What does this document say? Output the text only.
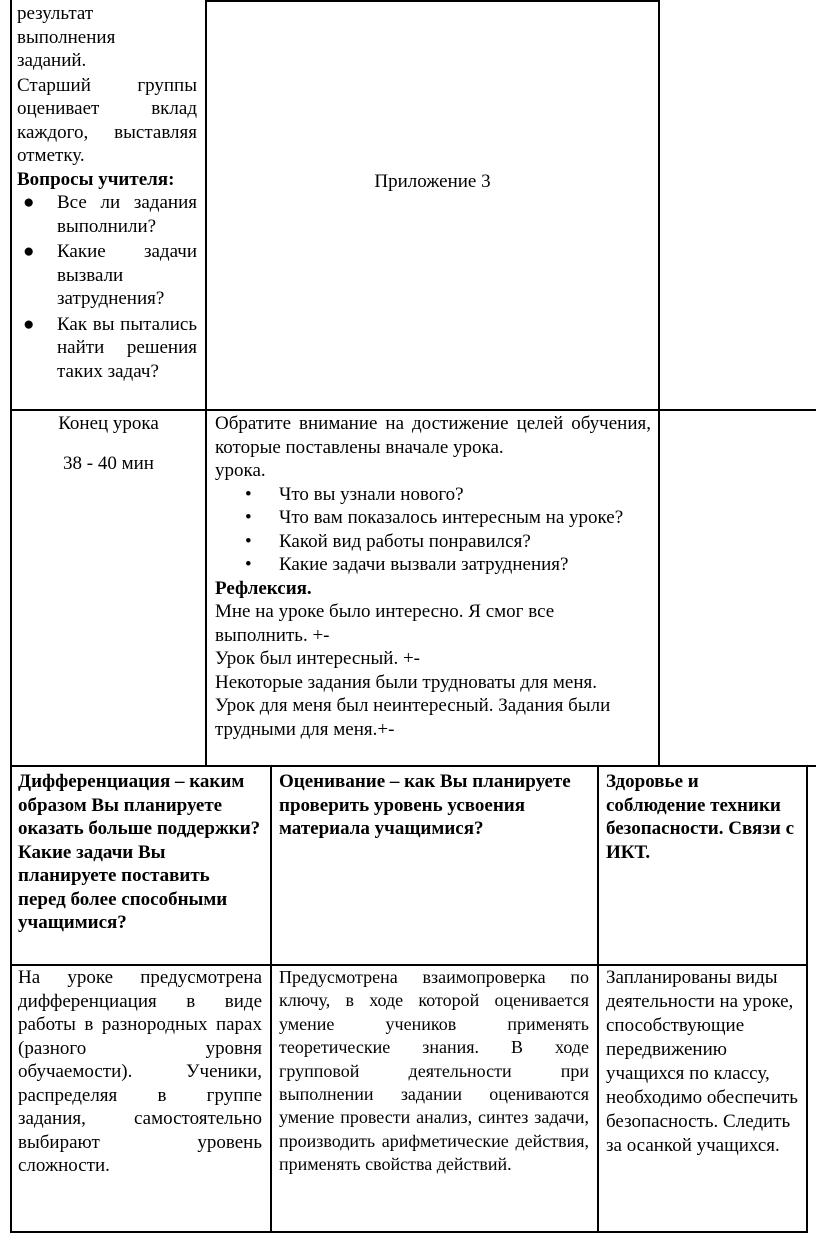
результат
выполнения
заданий.
Старший группы оценивает вклад каждого, выставляя отметку.
Вопросы учителя:
● Все ли задания выполнили?
● Какие задачи вызвали затруднения?
● Как вы пытались найти решения таких задач?
Приложение 3
Конец урока
38 - 40 мин
Обратите внимание на достижение целей обучения, которые поставлены вначале урока.
урока.
• Что вы узнали нового?
• Что вам показалось интересным на уроке?
• Какой вид работы понравился?
• Какие задачи вызвали затруднения?
Рефлексия.
Мне на уроке было интересно. Я смог все выполнить. +-
Урок был интересный. +-
Некоторые задания были трудноваты для меня.
Урок для меня был неинтересный. Задания были трудными для меня.+-
Дифференциация – каким образом Вы планируете оказать больше поддержки? Какие задачи Вы планируете поставить перед более способными учащимися?
Оценивание – как Вы планируете проверить уровень усвоения материала учащимися?
Здоровье и соблюдение техники безопасности. Связи с ИКТ.
На уроке предусмотрена дифференциация в виде работы в разнородных парах (разного уровня обучаемости). Ученики, распределяя в группе задания, самостоятельно выбирают уровень сложности.
Предусмотрена взаимопроверка по ключу, в ходе которой оценивается умение учеников применять теоретические знания. В ходе групповой деятельности при выполнении задании оцениваются умение провести анализ, синтез задачи, производить арифметические действия, применять свойства действий.
Запланированы виды деятельности на уроке, способствующие передвижению учащихся по классу, необходимо обеспечить безопасность. Следить за осанкой учащихся.
